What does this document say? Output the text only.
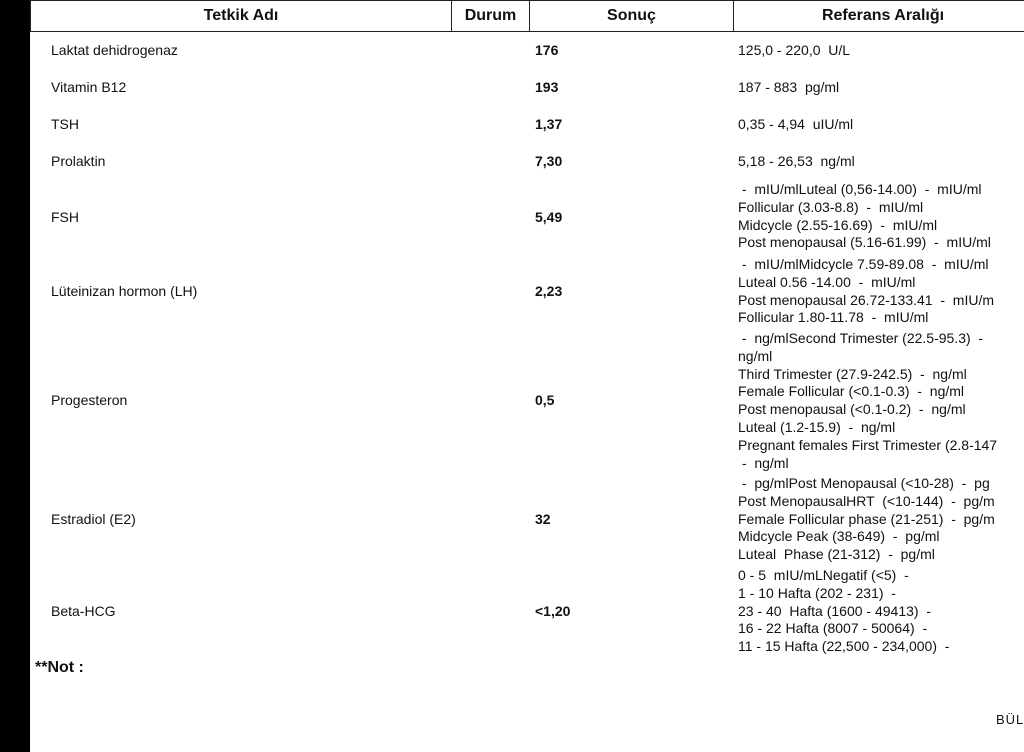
Tetkik Adı	Durum	Sonuç	Referans Aralığı
Laktat dehidrogenaz	176	125,0 - 220,0  U/L
Vitamin B12	193	187 - 883  pg/ml
TSH	1,37	0,35 - 4,94  uIU/ml
Prolaktin	7,30	5,18 - 26,53  ng/ml
FSH	5,49
-  mIU/mlLuteal (0,56-14.00)  -  mIU/ml
Follicular (3.03-8.8)  -  mIU/ml
Midcycle (2.55-16.69)  -  mIU/ml
Post menopausal (5.16-61.99)  -  mIU/ml
Lüteinizan hormon (LH)	2,23
-  mIU/mlMidcycle 7.59-89.08  -  mIU/ml
Luteal 0.56 -14.00  -  mIU/ml
Post menopausal 26.72-133.41  -  mIU/m
Follicular 1.80-11.78  -  mIU/ml
Progesteron	0,5
-  ng/mlSecond Trimester (22.5-95.3)  -
ng/ml
Third Trimester (27.9-242.5)  -  ng/ml
Female Follicular (<0.1-0.3)  -  ng/ml
Post menopausal (<0.1-0.2)  -  ng/ml
Luteal (1.2-15.9)  -  ng/ml
Pregnant females First Trimester (2.8-147
-  ng/ml
Estradiol (E2)	32
-  pg/mlPost Menopausal (<10-28)  -  pg
Post MenopausalHRT  (<10-144)  -  pg/m
Female Follicular phase (21-251)  -  pg/m
Midcycle Peak (38-649)  -  pg/ml
Luteal  Phase (21-312)  -  pg/ml
Beta-HCG	<1,20
0 - 5  mIU/mLNegatif (<5)  -
1 - 10 Hafta (202 - 231)  -
23 - 40  Hafta (1600 - 49413)  -
16 - 22 Hafta (8007 - 50064)  -
11 - 15 Hafta (22,500 - 234,000)  -
**Not :
BÜL
